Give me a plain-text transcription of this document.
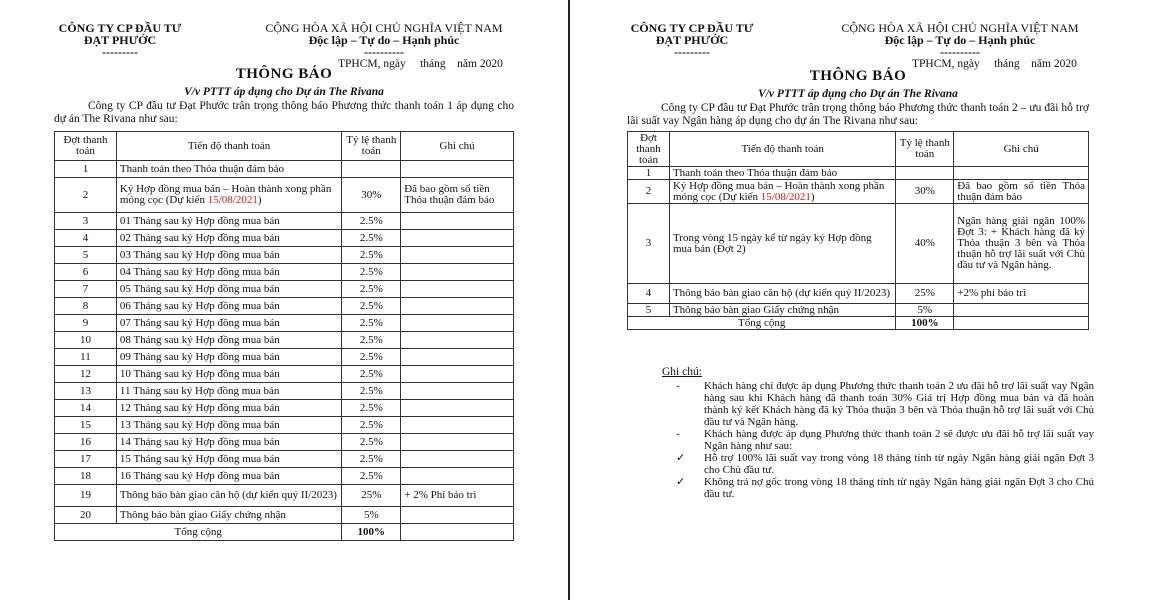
CÔNG TY CP ĐẦU TƯ
ĐẠT PHƯỚC
---------
CỘNG HÒA XÃ HỘI CHỦ NGHĨA VIỆT NAM
Độc lập – Tự do – Hạnh phúc
----------
TPHCM, ngày     tháng    năm 2020
THÔNG BÁO
V/v PTTT áp dụng cho Dự án The Rivana
Công ty CP đầu tư Đạt Phước trân trọng thông báo Phương thức thanh toán 1 áp dụng cho dự án The Rivana như sau:
Đợt thanh toán	Tiến độ thanh toán	Tỷ lệ thanh toán	Ghi chú
1	Thanh toán theo Thỏa thuận đảm bảo		
2	Ký Hợp đồng mua bán – Hoàn thành xong phần móng cọc (Dự kiến 15/08/2021)	30%	Đã bao gồm số tiền Thỏa thuận đảm bảo
3	01 Tháng sau ký Hợp đồng mua bán	2.5%	
4	02 Tháng sau ký Hợp đồng mua bán	2.5%	
5	03 Tháng sau ký Hợp đồng mua bán	2.5%	
6	04 Tháng sau ký Hợp đồng mua bán	2.5%	
7	05 Tháng sau ký Hợp đồng mua bán	2.5%	
8	06 Tháng sau ký Hợp đồng mua bán	2.5%	
9	07 Tháng sau ký Hợp đồng mua bán	2.5%	
10	08 Tháng sau ký Hợp đồng mua bán	2.5%	
11	09 Tháng sau ký Hợp đồng mua bán	2.5%	
12	10 Tháng sau ký Hợp đồng mua bán	2.5%	
13	11 Tháng sau ký Hợp đồng mua bán	2.5%	
14	12 Tháng sau ký Hợp đồng mua bán	2.5%	
15	13 Tháng sau ký Hợp đồng mua bán	2.5%	
16	14 Tháng sau ký Hợp đồng mua bán	2.5%	
17	15 Tháng sau ký Hợp đồng mua bán	2.5%	
18	16 Tháng sau ký Hợp đồng mua bán	2.5%	
19	Thông báo bàn giao căn hộ (dự kiến quý II/2023)	25%	+ 2% Phí bảo trì
20	Thông báo bàn giao Giấy chứng nhận	5%	
Tổng cộng		100%	
CÔNG TY CP ĐẦU TƯ
ĐẠT PHƯỚC
---------
CỘNG HÒA XÃ HỘI CHỦ NGHĨA VIỆT NAM
Độc lập – Tự do – Hạnh phúc
----------
TPHCM, ngày     tháng    năm 2020
THÔNG BÁO
V/v PTTT áp dụng cho Dự án The Rivana
Công ty CP đầu tư Đạt Phước trân trọng thông báo Phương thức thanh toán 2 – ưu đãi hỗ trợ lãi suất vay Ngân hàng áp dụng cho dự án The Rivana như sau:
Đợt thanh toán	Tiến độ thanh toán	Tỷ lệ thanh toán	Ghi chú
1	Thanh toán theo Thỏa thuận đảm bảo		
2	Ký Hợp đồng mua bán – Hoàn thành xong phần móng cọc (Dự kiến 15/08/2021)	30%	Đã bao gồm số tiền Thỏa thuận đảm bảo
3	Trong vòng 15 ngày kể từ ngày ký Hợp đồng mua bán (Đợt 2)	40%	Ngân hàng giải ngân 100% Đợt 3: + Khách hàng đã ký Thỏa thuận 3 bên và Thỏa thuận hỗ trợ lãi suất với Chủ đầu tư và Ngân hàng.
4	Thông báo bàn giao căn hộ (dự kiến quý II/2023)	25%	+2% phí bảo trì
5	Thông báo bàn giao Giấy chứng nhận	5%	
Tổng cộng		100%	
Ghi chú:
- Khách hàng chỉ được áp dụng Phương thức thanh toán 2 ưu đãi hỗ trợ lãi suất vay Ngân hàng sau khi Khách hàng đã thanh toán 30% Giá trị Hợp đồng mua bán và đã hoàn thành ký kết Khách hàng đã ký Thỏa thuận 3 bên và Thỏa thuận hỗ trợ lãi suất với Chủ đầu tư và Ngân hàng.
- Khách hàng được áp dụng Phương thức thanh toán 2 sẽ được ưu đãi hỗ trợ lãi suất vay Ngân hàng như sau:
✓ Hỗ trợ 100% lãi suất vay trong vòng 18 tháng tính từ ngày Ngân hàng giải ngân Đợt 3 cho Chủ đầu tư.
✓ Không trả nợ gốc trong vòng 18 tháng tính từ ngày Ngân hàng giải ngân Đợt 3 cho Chủ đầu tư.
